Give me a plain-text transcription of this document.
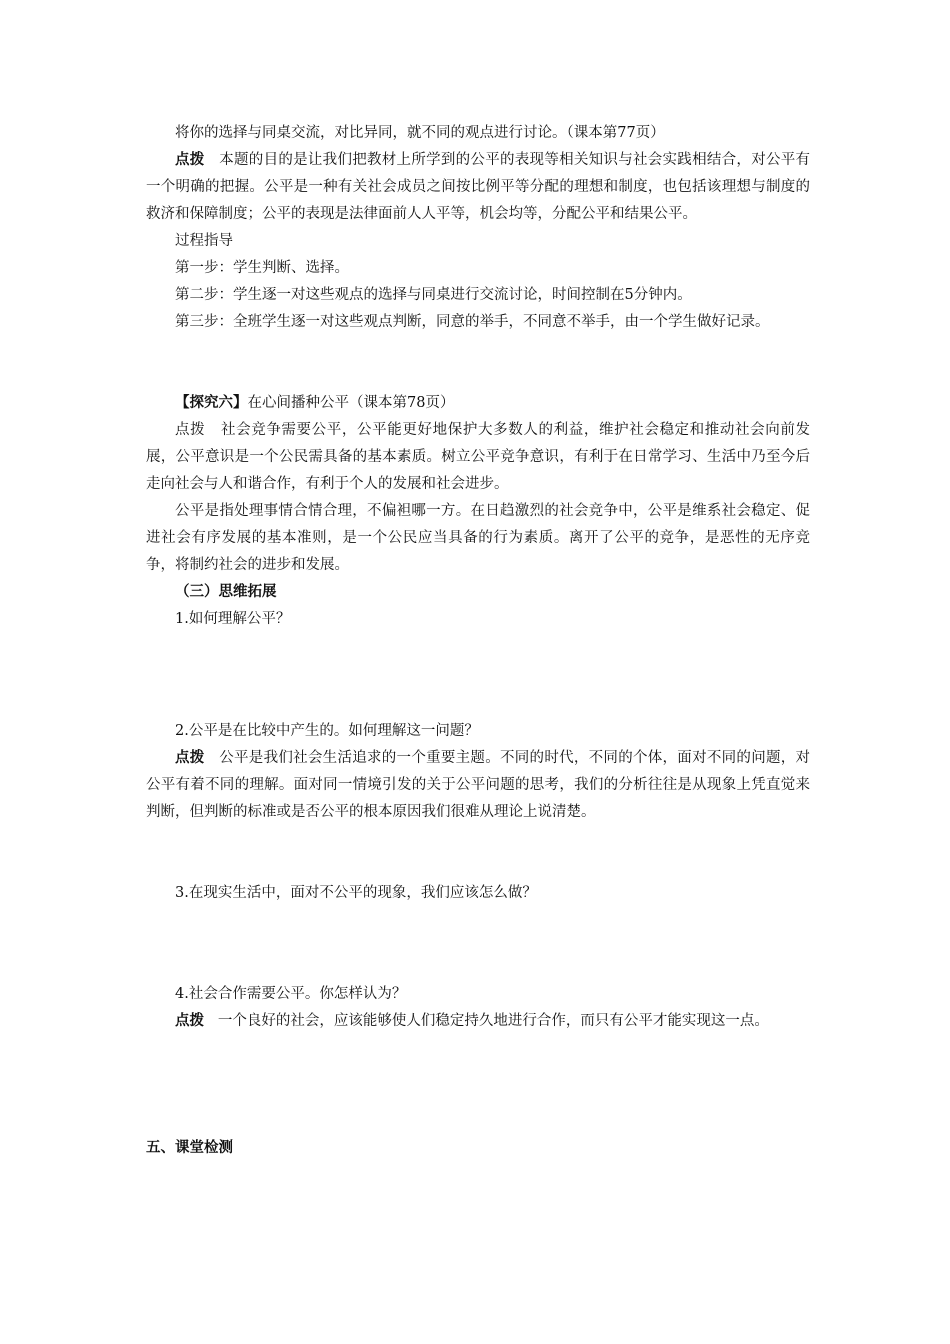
将你的选择与同桌交流，对比异同，就不同的观点进行讨论。（课本第77页）

点拨 本题的目的是让我们把教材上所学到的公平的表现等相关知识与社会实践相结合，对公平有一个明确的把握。公平是一种有关社会成员之间按比例平等分配的理想和制度，也包括该理想与制度的救济和保障制度；公平的表现是法律面前人人平等，机会均等，分配公平和结果公平。

过程指导

第一步：学生判断、选择。

第二步：学生逐一对这些观点的选择与同桌进行交流讨论，时间控制在5分钟内。

第三步：全班学生逐一对这些观点判断，同意的举手，不同意不举手，由一个学生做好记录。

【探究六】在心间播种公平（课本第78页）

点拨 社会竞争需要公平，公平能更好地保护大多数人的利益，维护社会稳定和推动社会向前发展，公平意识是一个公民需具备的基本素质。树立公平竞争意识，有利于在日常学习、生活中乃至今后走向社会与人和谐合作，有利于个人的发展和社会进步。

公平是指处理事情合情合理，不偏袒哪一方。在日趋激烈的社会竞争中，公平是维系社会稳定、促进社会有序发展的基本准则，是一个公民应当具备的行为素质。离开了公平的竞争，是恶性的无序竞争，将制约社会的进步和发展。

（三）思维拓展

1.如何理解公平？

2.公平是在比较中产生的。如何理解这一问题？

点拨 公平是我们社会生活追求的一个重要主题。不同的时代，不同的个体，面对不同的问题，对公平有着不同的理解。面对同一情境引发的关于公平问题的思考，我们的分析往往是从现象上凭直觉来判断，但判断的标准或是否公平的根本原因我们很难从理论上说清楚。

3.在现实生活中，面对不公平的现象，我们应该怎么做？

4.社会合作需要公平。你怎样认为？

点拨 一个良好的社会，应该能够使人们稳定持久地进行合作，而只有公平才能实现这一点。

五、课堂检测
